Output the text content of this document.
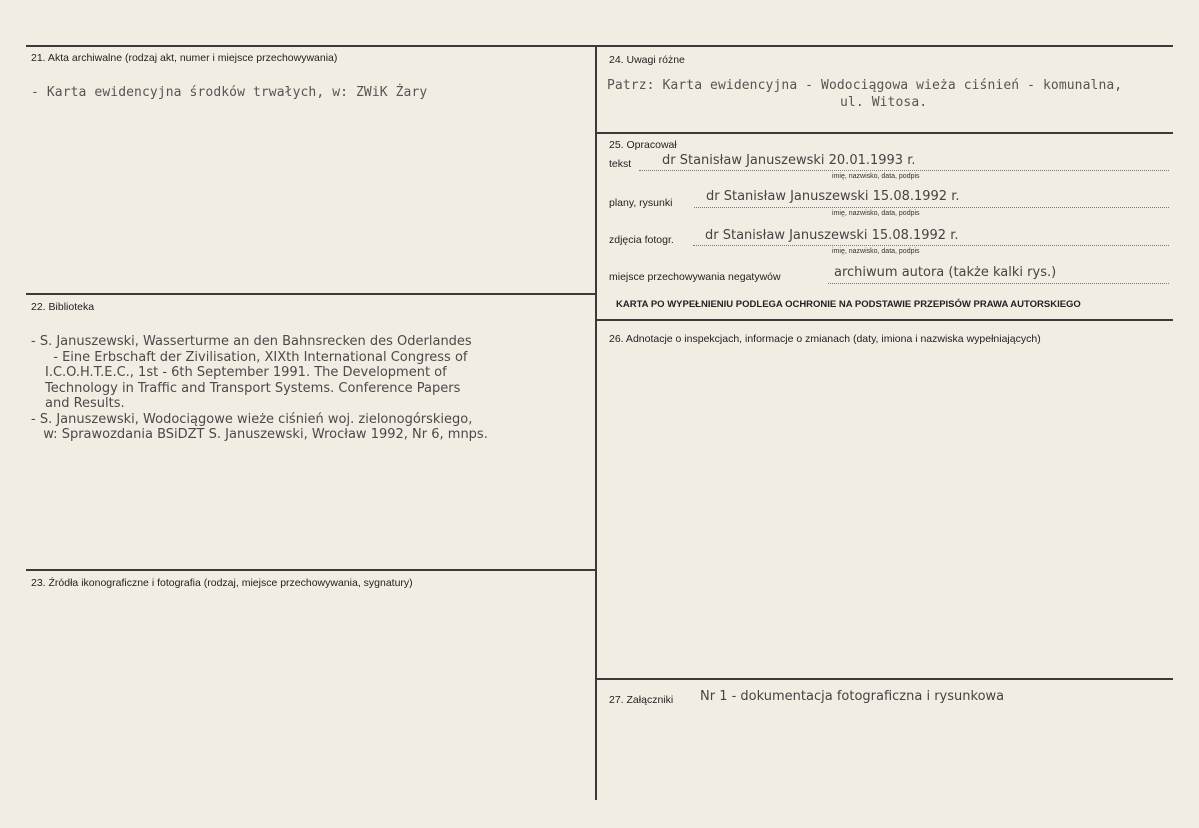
21. Akta archiwalne (rodzaj akt, numer i miejsce przechowywania)
- Karta ewidencyjna środków trwałych, w: ZWiK Żary
22. Biblioteka
- S. Januszewski, Wasserturme an den Bahnsrecken des Oderlandes
- Eine Erbschaft der Zivilisation, XIXth International Congress of
I.C.O.H.T.E.C., 1st - 6th September 1991. The Development of
Technology in Traffic and Transport Systems. Conference Papers
and Results.
- S. Januszewski, Wodociągowe wieże ciśnień woj. zielonogórskiego,
w: Sprawozdania BSiDZT S. Januszewski, Wrocław 1992, Nr 6, mnps.
23. Źródła ikonograficzne i fotografia (rodzaj, miejsce przechowywania, sygnatury)
24. Uwagi różne
Patrz: Karta ewidencyjna - Wodociągowa wieża ciśnień - komunalna,
ul. Witosa.
25. Opracował
tekst dr Stanisław Januszewski 20.01.1993 r.
imię, nazwisko, data, podpis
plany, rysunki	dr Stanisław Januszewski 15.08.1992 r.
imię, nazwisko, data, podpis
zdjęcia fotogr. dr Stanisław Januszewski 15.08.1992 r.
imię, nazwisko, data, podpis
miejsce przechowywania negatywów	archiwum autora (także kalki rys.)
KARTA PO WYPEŁNIENIU PODLEGA OCHRONIE NA PODSTAWIE PRZEPISÓW PRAWA AUTORSKIEGO
26. Adnotacje o inspekcjach, informacje o zmianach (daty, imiona i nazwiska wypełniających)
27. Załączniki Nr 1 - dokumentacja fotograficzna i rysunkowa
